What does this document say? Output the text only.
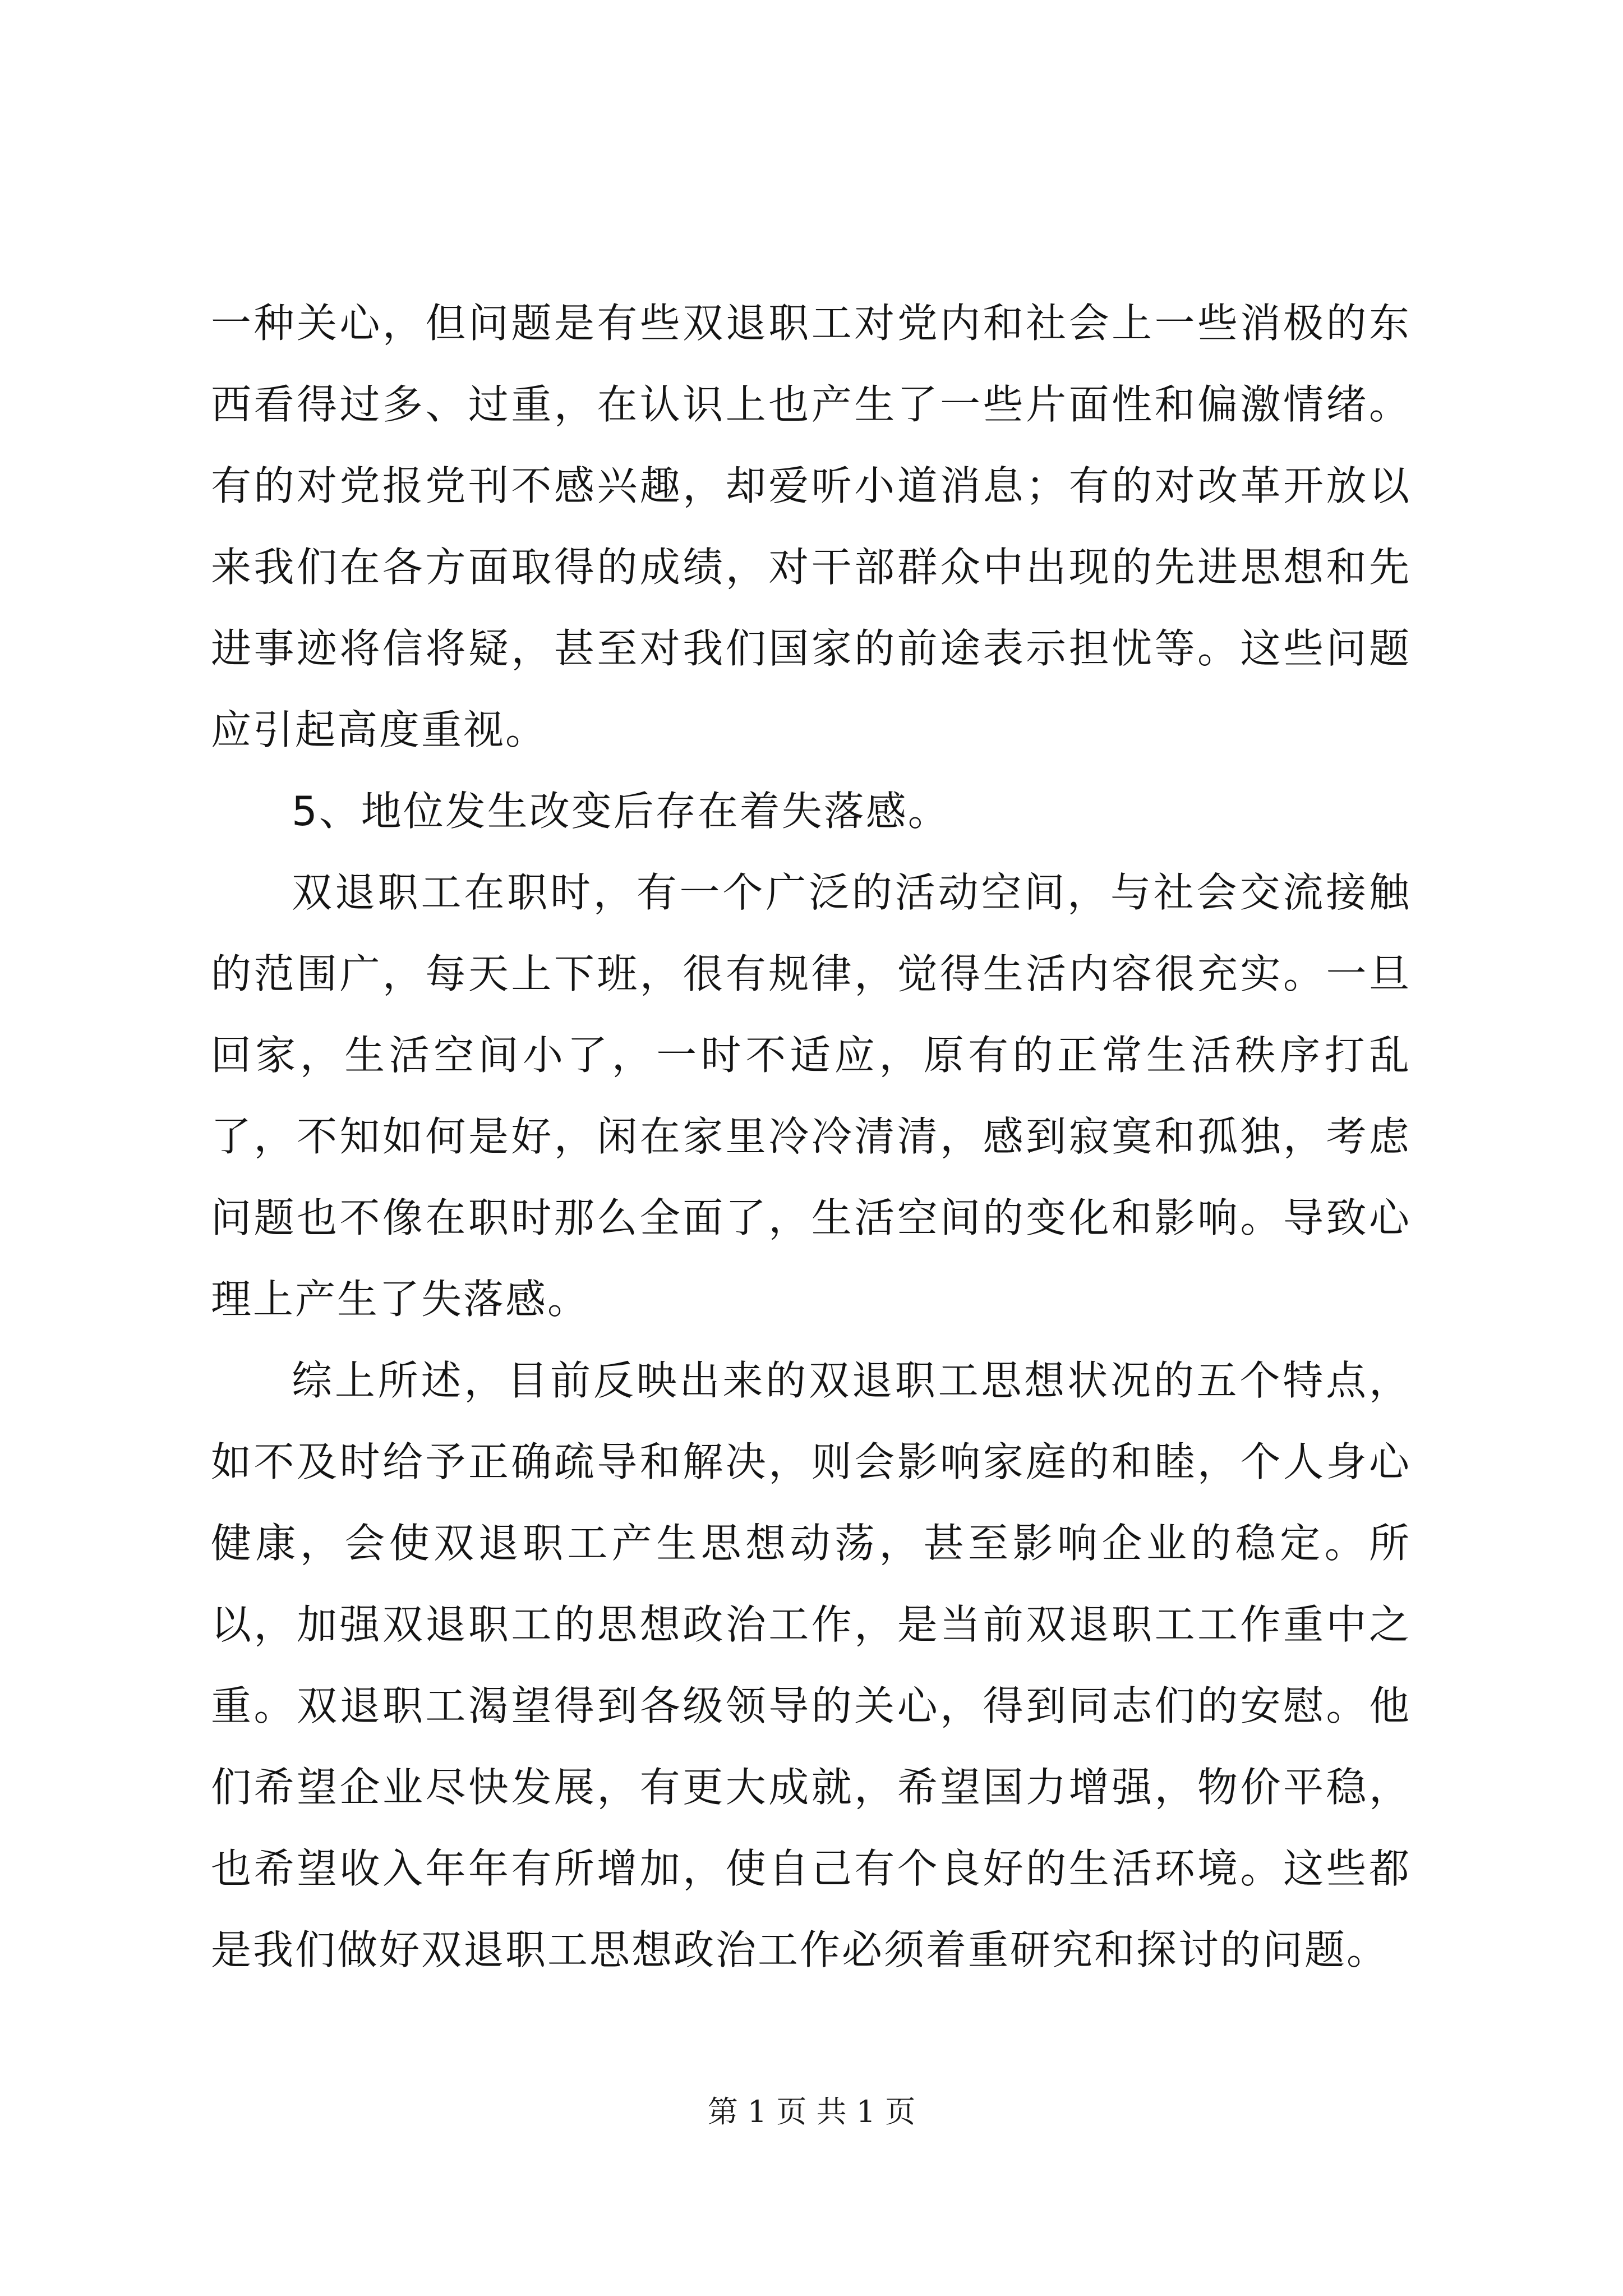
一种关心，但问题是有些双退职工对党内和社会上一些消极的东西看得过多、过重，在认识上也产生了一些片面性和偏激情绪。有的对党报党刊不感兴趣，却爱听小道消息；有的对改革开放以来我们在各方面取得的成绩，对干部群众中出现的先进思想和先进事迹将信将疑，甚至对我们国家的前途表示担忧等。这些问题应引起高度重视。

5、地位发生改变后存在着失落感。

双退职工在职时，有一个广泛的活动空间，与社会交流接触的范围广，每天上下班，很有规律，觉得生活内容很充实。一旦回家，生活空间小了，一时不适应，原有的正常生活秩序打乱了，不知如何是好，闲在家里冷冷清清，感到寂寞和孤独，考虑问题也不像在职时那么全面了，生活空间的变化和影响。导致心理上产生了失落感。

综上所述，目前反映出来的双退职工思想状况的五个特点，如不及时给予正确疏导和解决，则会影响家庭的和睦，个人身心健康，会使双退职工产生思想动荡，甚至影响企业的稳定。所以，加强双退职工的思想政治工作，是当前双退职工工作重中之重。双退职工渴望得到各级领导的关心，得到同志们的安慰。他们希望企业尽快发展，有更大成就，希望国力增强，物价平稳，也希望收入年年有所增加，使自己有个良好的生活环境。这些都是我们做好双退职工思想政治工作必须着重研究和探讨的问题。

第 1 页 共 1 页
